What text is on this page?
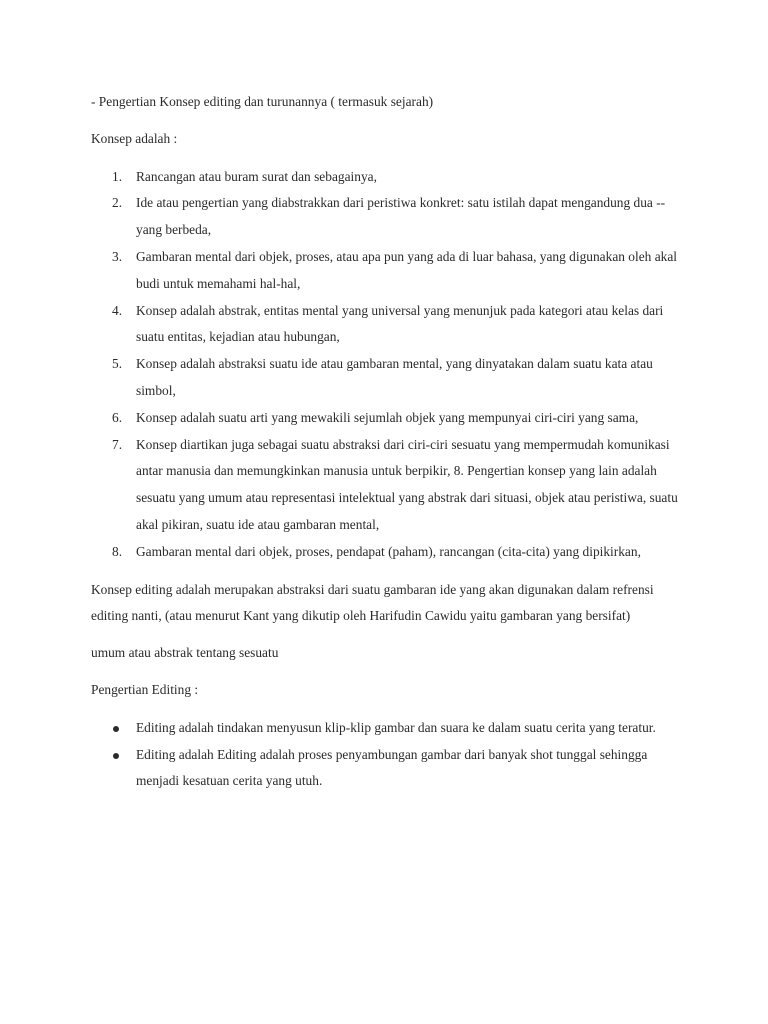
- Pengertian Konsep editing dan turunannya ( termasuk sejarah)

Konsep adalah :

1. Rancangan atau buram surat dan sebagainya,
2. Ide atau pengertian yang diabstrakkan dari peristiwa konkret: satu istilah dapat mengandung dua -- yang berbeda,
3. Gambaran mental dari objek, proses, atau apa pun yang ada di luar bahasa, yang digunakan oleh akal budi untuk memahami hal-hal,
4. Konsep adalah abstrak, entitas mental yang universal yang menunjuk pada kategori atau kelas dari suatu entitas, kejadian atau hubungan,
5. Konsep adalah abstraksi suatu ide atau gambaran mental, yang dinyatakan dalam suatu kata atau simbol,
6. Konsep adalah suatu arti yang mewakili sejumlah objek yang mempunyai ciri-ciri yang sama,
7. Konsep diartikan juga sebagai suatu abstraksi dari ciri-ciri sesuatu yang mempermudah komunikasi antar manusia dan memungkinkan manusia untuk berpikir, 8. Pengertian konsep yang lain adalah sesuatu yang umum atau representasi intelektual yang abstrak dari situasi, objek atau peristiwa, suatu akal pikiran, suatu ide atau gambaran mental,
8. Gambaran mental dari objek, proses, pendapat (paham), rancangan (cita-cita) yang dipikirkan,

Konsep editing adalah merupakan abstraksi dari suatu gambaran ide yang akan digunakan dalam refrensi editing nanti, (atau menurut Kant yang dikutip oleh Harifudin Cawidu yaitu gambaran yang bersifat)

umum atau abstrak tentang sesuatu

Pengertian Editing :

Editing adalah tindakan menyusun klip-klip gambar dan suara ke dalam suatu cerita yang teratur.
Editing adalah Editing adalah proses penyambungan gambar dari banyak shot tunggal sehingga menjadi kesatuan cerita yang utuh.
